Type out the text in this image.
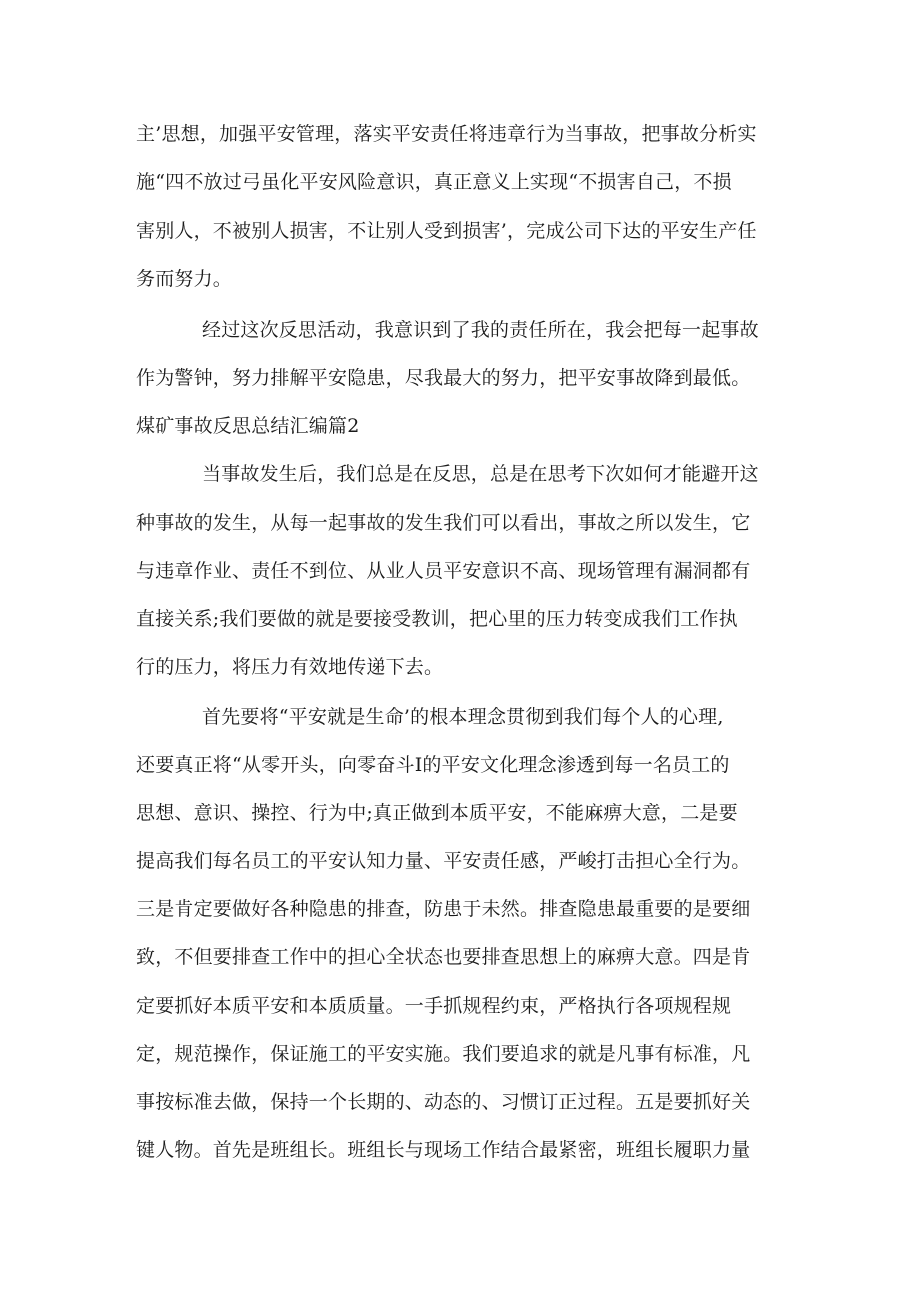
主’思想，加强平安管理，落实平安责任将违章行为当事故，把事故分析实
施“四不放过弓虽化平安风险意识，真正意义上实现“不损害自己，不损
害别人，不被别人损害，不让别人受到损害’，完成公司下达的平安生产任
务而努力。
经过这次反思活动，我意识到了我的责任所在，我会把每一起事故
作为警钟，努力排解平安隐患，尽我最大的努力，把平安事故降到最低。
煤矿事故反思总结汇编篇2
当事故发生后，我们总是在反思，总是在思考下次如何才能避开这
种事故的发生，从每一起事故的发生我们可以看出，事故之所以发生，它
与违章作业、责任不到位、从业人员平安意识不高、现场管理有漏洞都有
直接关系;我们要做的就是要接受教训，把心里的压力转变成我们工作执
行的压力，将压力有效地传递下去。
首先要将“平安就是生命’的根本理念贯彻到我们每个人的心理,
还要真正将“从零开头，向零奋斗I的平安文化理念渗透到每一名员工的
思想、意识、操控、行为中;真正做到本质平安，不能麻痹大意，二是要
提高我们每名员工的平安认知力量、平安责任感，严峻打击担心全行为。
三是肯定要做好各种隐患的排查，防患于未然。排查隐患最重要的是要细
致，不但要排查工作中的担心全状态也要排查思想上的麻痹大意。四是肯
定要抓好本质平安和本质质量。一手抓规程约束，严格执行各项规程规
定，规范操作，保证施工的平安实施。我们要追求的就是凡事有标准，凡
事按标准去做，保持一个长期的、动态的、习惯订正过程。五是要抓好关
键人物。首先是班组长。班组长与现场工作结合最紧密，班组长履职力量
